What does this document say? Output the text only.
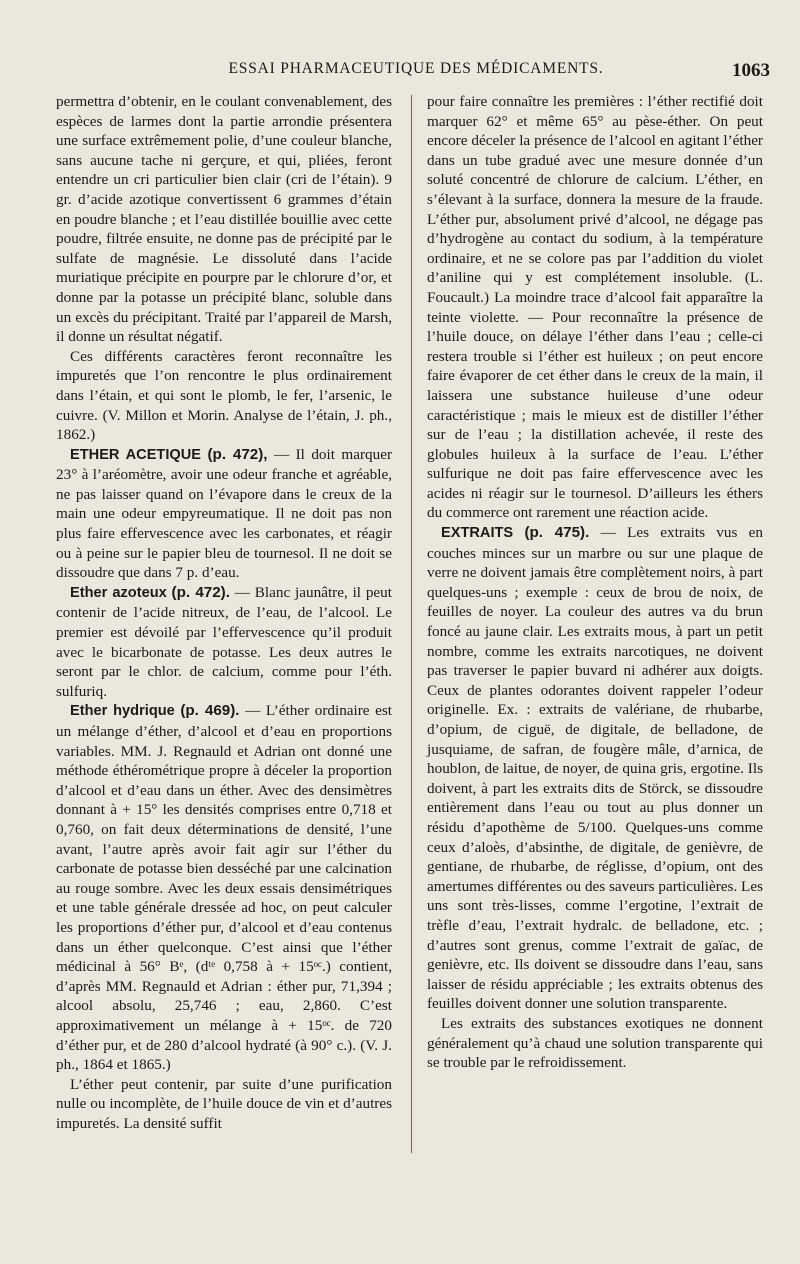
ESSAI PHARMACEUTIQUE DES MÉDICAMENTS.	1063

permettra d’obtenir, en le coulant convenablement, des espèces de larmes dont la partie arrondie présentera une surface extrêmement polie, d’une couleur blanche, sans aucune tache ni gerçure, et qui, pliées, feront entendre un cri particulier bien clair (cri de l’étain). 9 gr. d’acide azotique convertissent 6 grammes d’étain en poudre blanche ; et l’eau distillée bouillie avec cette poudre, filtrée ensuite, ne donne pas de précipité par le sulfate de magnésie. Le dissoluté dans l’acide muriatique précipite en pourpre par le chlorure d’or, et donne par la potasse un précipité blanc, soluble dans un excès du précipitant. Traité par l’appareil de Marsh, il donne un résultat négatif.

Ces différents caractères feront reconnaître les impuretés que l’on rencontre le plus ordinairement dans l’étain, et qui sont le plomb, le fer, l’arsenic, le cuivre. (V. Millon et Morin. Analyse de l’étain, J. ph., 1862.)

ETHER ACETIQUE (p. 472), — Il doit marquer 23° à l’aréomètre, avoir une odeur franche et agréable, ne pas laisser quand on l’évapore dans le creux de la main une odeur empyreumatique. Il ne doit pas non plus faire effervescence avec les carbonates, et réagir ou à peine sur le papier bleu de tournesol. Il ne doit se dissoudre que dans 7 p. d’eau.

Ether azoteux (p. 472). — Blanc jaunâtre, il peut contenir de l’acide nitreux, de l’eau, de l’alcool. Le premier est dévoilé par l’effervescence qu’il produit avec le bicarbonate de potasse. Les deux autres le seront par le chlor. de calcium, comme pour l’éth. sulfuriq.

Ether hydrique (p. 469). — L’éther ordinaire est un mélange d’éther, d’alcool et d’eau en proportions variables. MM. J. Regnauld et Adrian ont donné une méthode éthérométrique propre à déceler la proportion d’alcool et d’eau dans un éther. Avec des densimètres donnant à + 15° les densités comprises entre 0,718 et 0,760, on fait deux déterminations de densité, l’une avant, l’autre après avoir fait agir sur l’éther du carbonate de potasse bien desséché par une calcination au rouge sombre. Avec les deux essais densimétriques et une table générale dressée ad hoc, on peut calculer les proportions d’éther pur, d’alcool et d’eau contenus dans un éther quelconque. C’est ainsi que l’éther médicinal à 56° Bᵉ, (dᵗᵉ 0,758 à + 15ᵒᶜ.) contient, d’après MM. Regnauld et Adrian : éther pur, 71,394 ; alcool absolu, 25,746 ; eau, 2,860. C’est approximativement un mélange à + 15ᵒᶜ. de 720 d’éther pur, et de 280 d’alcool hydraté (à 90° c.). (V. J. ph., 1864 et 1865.)

L’éther peut contenir, par suite d’une purification nulle ou incomplète, de l’huile douce de vin et d’autres impuretés. La densité suffit

pour faire connaître les premières : l’éther rectifié doit marquer 62° et même 65° au pèse-éther. On peut encore déceler la présence de l’alcool en agitant l’éther dans un tube gradué avec une mesure donnée d’un soluté concentré de chlorure de calcium. L’éther, en s’élevant à la surface, donnera la mesure de la fraude. L’éther pur, absolument privé d’alcool, ne dégage pas d’hydrogène au contact du sodium, à la température ordinaire, et ne se colore pas par l’addition du violet d’aniline qui y est complétement insoluble. (L. Foucault.) La moindre trace d’alcool fait apparaître la teinte violette. — Pour reconnaître la présence de l’huile douce, on délaye l’éther dans l’eau ; celle-ci restera trouble si l’éther est huileux ; on peut encore faire évaporer de cet éther dans le creux de la main, il laissera une substance huileuse d’une odeur caractéristique ; mais le mieux est de distiller l’éther sur de l’eau ; la distillation achevée, il reste des globules huileux à la surface de l’eau. L’éther sulfurique ne doit pas faire effervescence avec les acides ni réagir sur le tournesol. D’ailleurs les éthers du commerce ont rarement une réaction acide.

EXTRAITS (p. 475). — Les extraits vus en couches minces sur un marbre ou sur une plaque de verre ne doivent jamais être complètement noirs, à part quelques-uns ; exemple : ceux de brou de noix, de feuilles de noyer. La couleur des autres va du brun foncé au jaune clair. Les extraits mous, à part un petit nombre, comme les extraits narcotiques, ne doivent pas traverser le papier buvard ni adhérer aux doigts. Ceux de plantes odorantes doivent rappeler l’odeur originelle. Ex. : extraits de valériane, de rhubarbe, d’opium, de ciguë, de digitale, de belladone, de jusquiame, de safran, de fougère mâle, d’arnica, de houblon, de laitue, de noyer, de quina gris, ergotine. Ils doivent, à part les extraits dits de Störck, se dissoudre entièrement dans l’eau ou tout au plus donner un résidu d’apothème de 5/100. Quelques-uns comme ceux d’aloès, d’absinthe, de digitale, de genièvre, de gentiane, de rhubarbe, de réglisse, d’opium, ont des amertumes différentes ou des saveurs particulières. Les uns sont très-lisses, comme l’ergotine, l’extrait de trèfle d’eau, l’extrait hydralc. de belladone, etc. ; d’autres sont grenus, comme l’extrait de gaïac, de genièvre, etc. Ils doivent se dissoudre dans l’eau, sans laisser de résidu appréciable ; les extraits obtenus des feuilles doivent donner une solution transparente.

Les extraits des substances exotiques ne donnent généralement qu’à chaud une solution transparente qui se trouble par le refroidissement.
